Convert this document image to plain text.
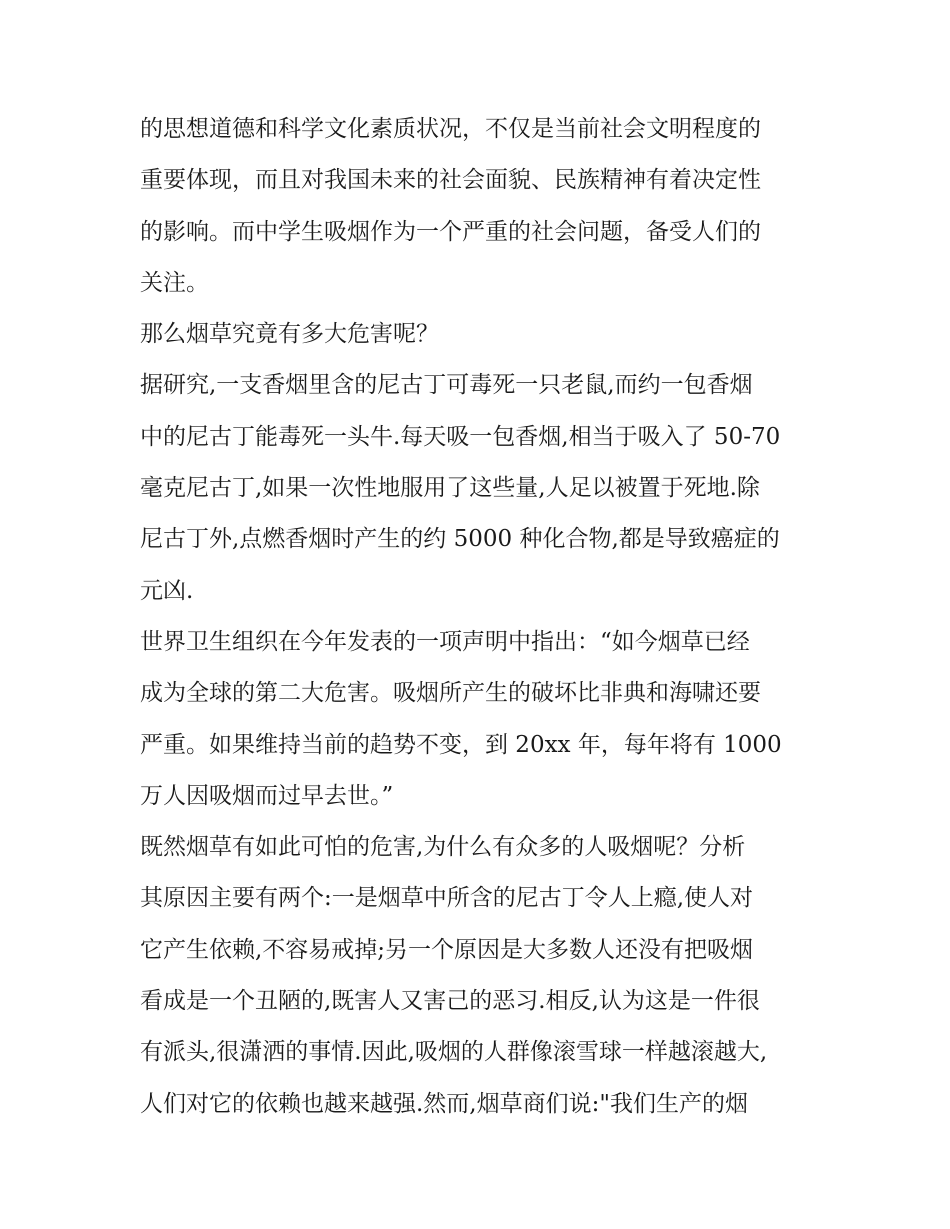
的思想道德和科学文化素质状况，不仅是当前社会文明程度的
重要体现，而且对我国未来的社会面貌、民族精神有着决定性
的影响。而中学生吸烟作为一个严重的社会问题，备受人们的
关注。
那么烟草究竟有多大危害呢？
据研究,一支香烟里含的尼古丁可毒死一只老鼠,而约一包香烟
中的尼古丁能毒死一头牛.每天吸一包香烟,相当于吸入了 50-70
毫克尼古丁,如果一次性地服用了这些量,人足以被置于死地.除
尼古丁外,点燃香烟时产生的约 5000 种化合物,都是导致癌症的
元凶.
世界卫生组织在今年发表的一项声明中指出：“如今烟草已经
成为全球的第二大危害。吸烟所产生的破坏比非典和海啸还要
严重。如果维持当前的趋势不变，到 20xx 年，每年将有 1000
万人因吸烟而过早去世。”
既然烟草有如此可怕的危害,为什么有众多的人吸烟呢？分析
其原因主要有两个:一是烟草中所含的尼古丁令人上瘾,使人对
它产生依赖,不容易戒掉;另一个原因是大多数人还没有把吸烟
看成是一个丑陋的,既害人又害己的恶习.相反,认为这是一件很
有派头,很潇洒的事情.因此,吸烟的人群像滚雪球一样越滚越大,
人们对它的依赖也越来越强.然而,烟草商们说:"我们生产的烟
